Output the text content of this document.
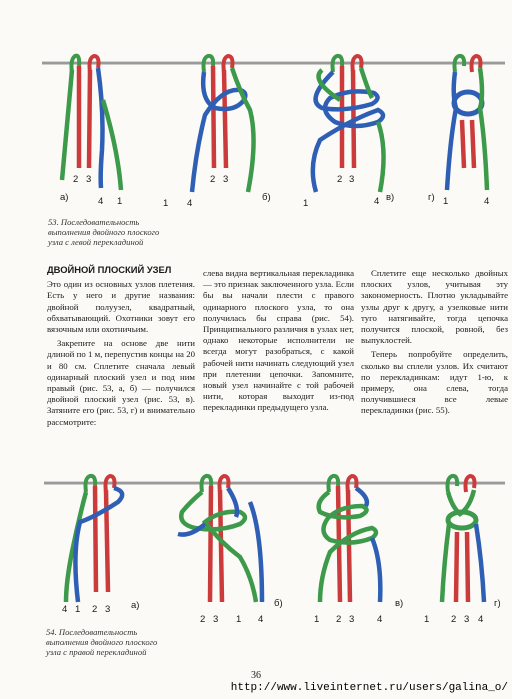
2 3
4 1
а)
1 4
2 3
б)
1
2 3
4 в)	г) 1	4
53. Последовательность
выполнения двойного плоского
узла с левой перекладиной

ДВОЙНОЙ ПЛОСКИЙ УЗЕЛ

Это один из основных узлов плетения. Есть у него и другие названия: двойной полуузел, квадратный, обхватывающий. Охотники зовут его вязочным или охотничьим.

Закрепите на основе две нити длиной по 1 м, перепустив концы на 20 и 80 см. Сплетите сначала левый одинарный плоский узел и под ним правый (рис. 53, а, б) — получился двойной плоский узел (рис. 53, в). Затяните его (рис. 53, г) и внимательно рассмотрите:

слева видна вертикальная перекладинка — это признак заключенного узла. Если бы вы начали плести с правого одинарного плоского узла, то она получилась бы справа (рис. 54). Принципиального различия в узлах нет, однако некоторые исполнители не всегда могут разобраться, с какой рабочей нити начинать следующий узел при плетении цепочки. Запомните, новый узел начинайте с той рабочей нити, которая выходит из-под перекладинки предыдущего узла.

Сплетите еще несколько двойных плоских узлов, учитывая эту закономерность. Плотно укладывайте узлы друг к другу, а узелковые нити туго натягивайте, тогда цепочка получится плоской, ровной, без выпуклостей.

Теперь попробуйте определить, сколько вы сплели узлов. Их считают по перекладинкам: идут 1-ю, к примеру, она слева, тогда получившиеся все левые перекладинки (рис. 55).

4 1 2 3 а)
2 3 1 4
б)
1 2 3 4
в)
1 2 3 4
г)
54. Последовательность
выполнения двойного плоского
узла с правой перекладиной
36
http://www.liveinternet.ru/users/galina_o/
